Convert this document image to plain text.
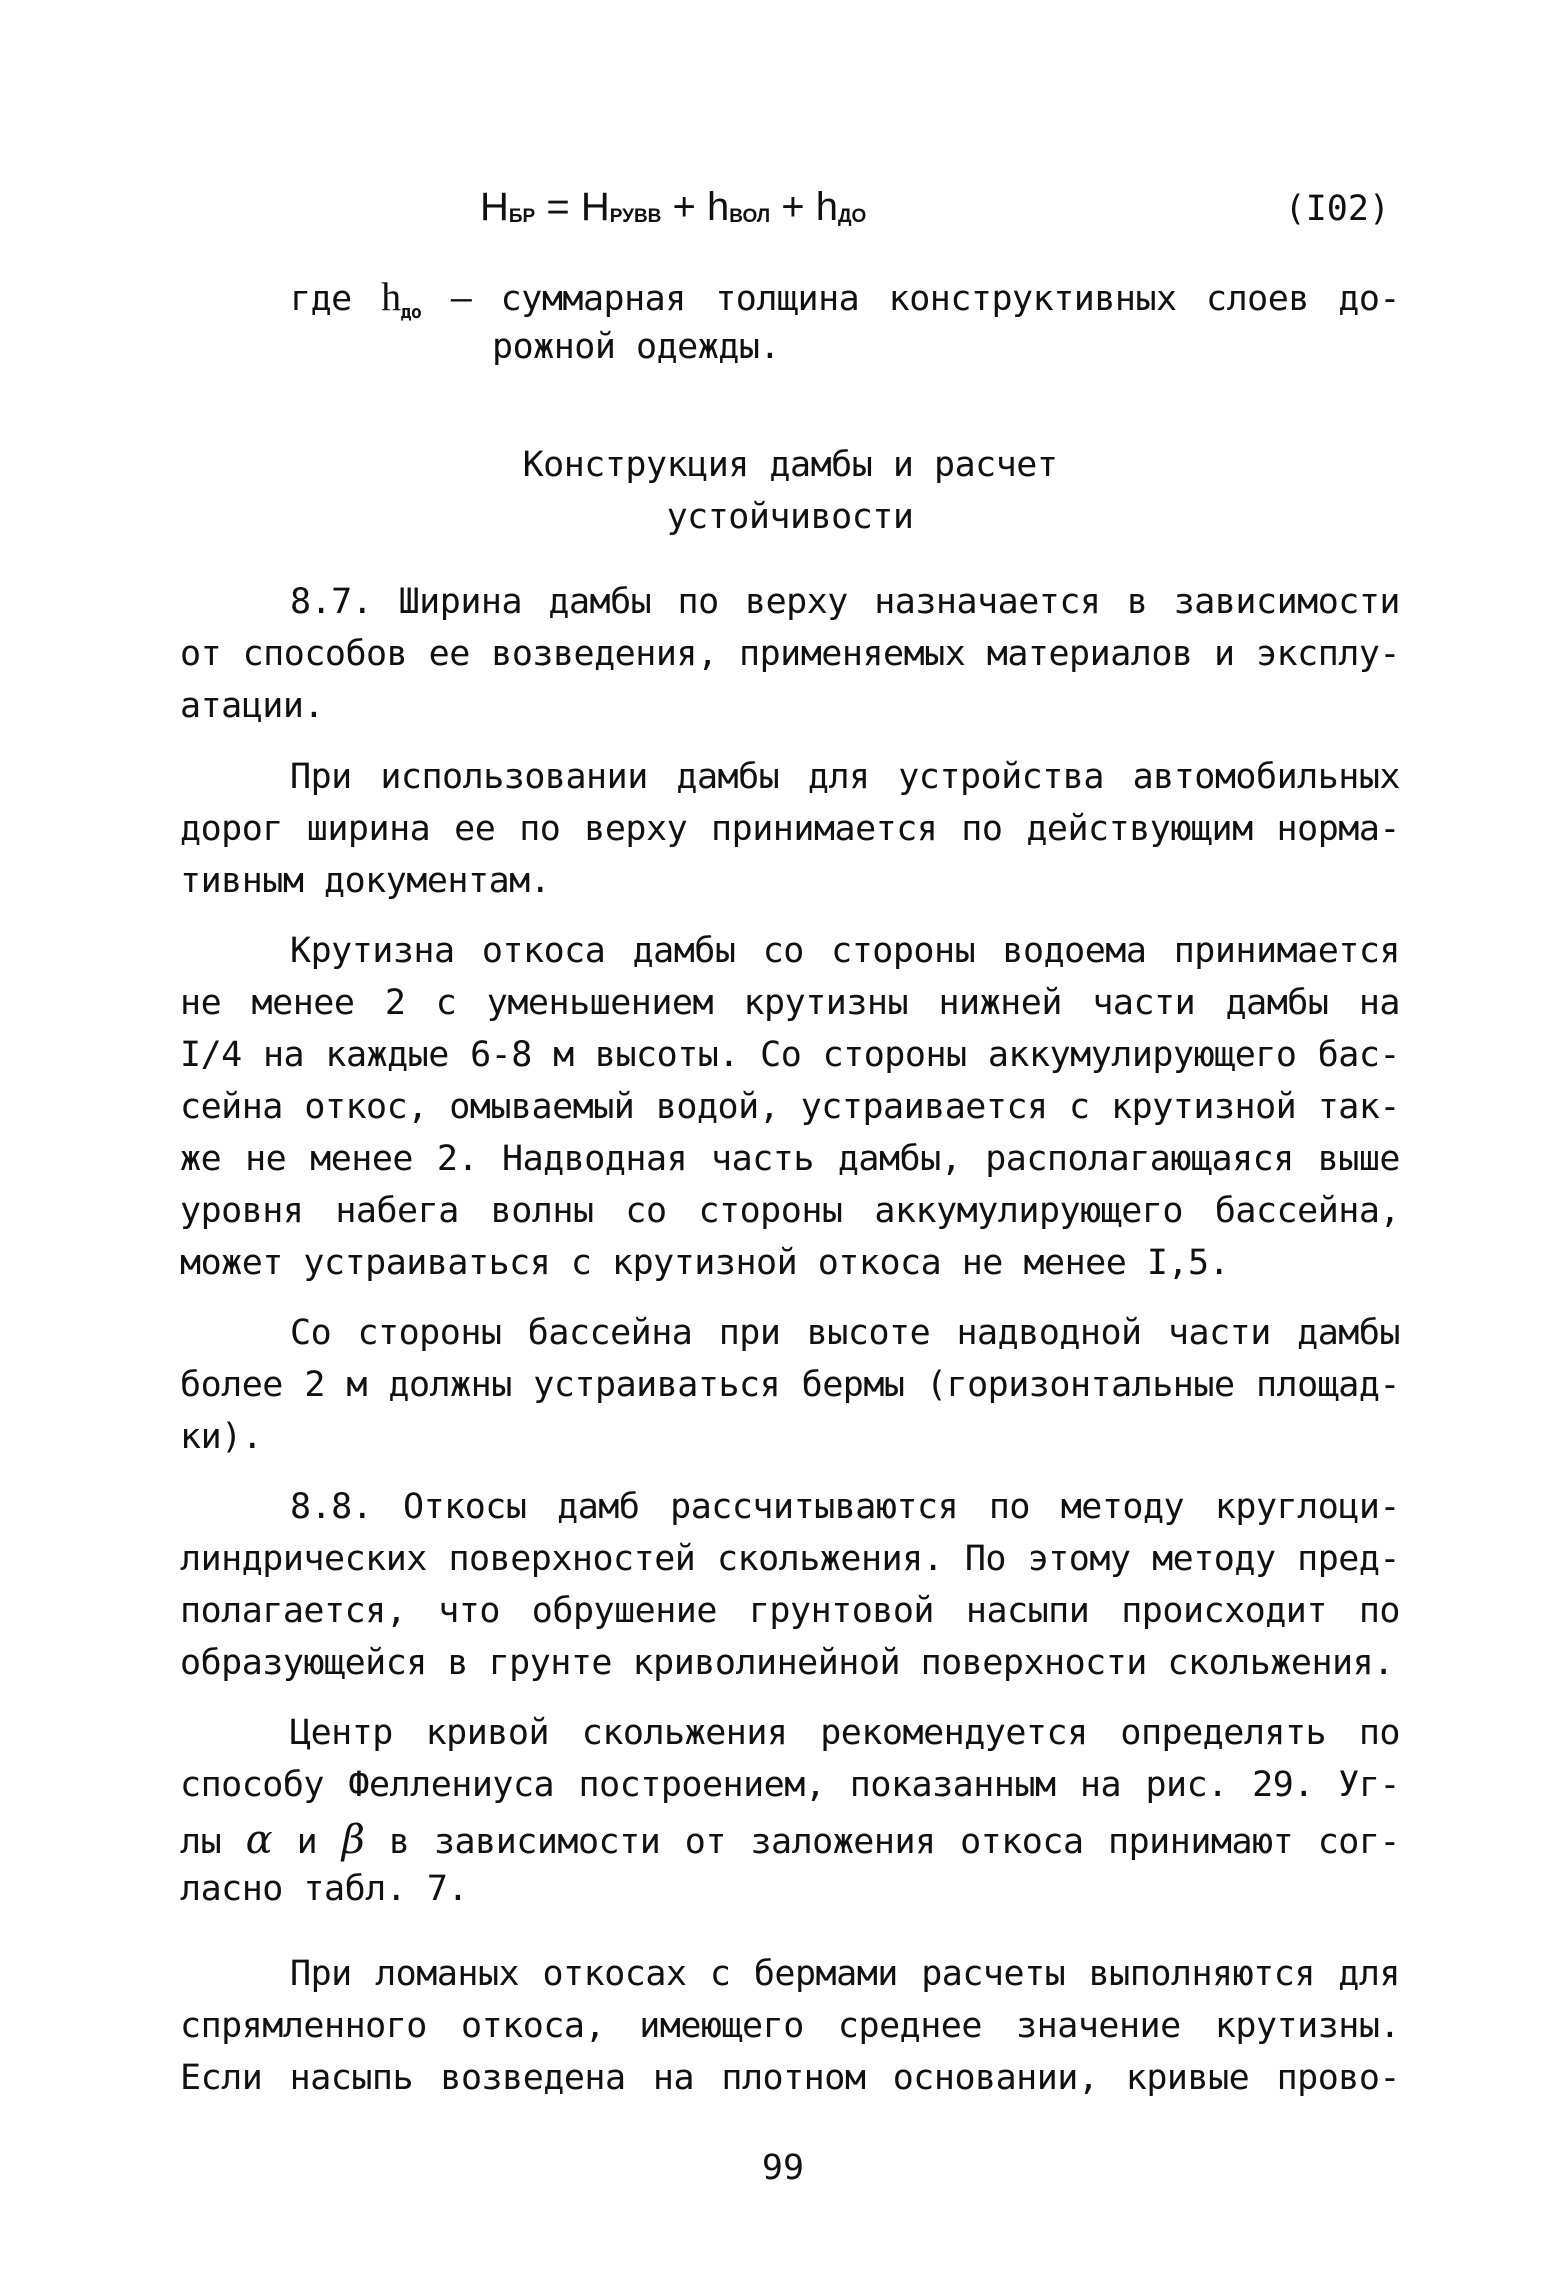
$H_{БР} = H_{РУВВ} + h_{ВОЛ} + h_{ДО}$	(I02)

где $h_{до}$ – суммарная толщина конструктивных слоев до-

рожной одежды.

Конструкция дамбы и расчет

устойчивости

8.7. Ширина дамбы по верху назначается в зависимости

от способов ее возведения, применяемых материалов и эксплу-

атации.

При использовании дамбы для устройства автомобильных

дорог ширина ее по верху принимается по действующим норма-

тивным документам.

Крутизна откоса дамбы со стороны водоема принимается

не менее 2 с уменьшением крутизны нижней части дамбы на

I/4 на каждые 6-8 м высоты. Со стороны аккумулирующего бас-

сейна откос, омываемый водой, устраивается с крутизной так-

же не менее 2. Надводная часть дамбы, располагающаяся выше

уровня набега волны со стороны аккумулирующего бассейна,

может устраиваться с крутизной откоса не менее I,5.

Со стороны бассейна при высоте надводной части дамбы

более 2 м должны устраиваться бермы (горизонтальные площад-

ки).

8.8. Откосы дамб рассчитываются по методу круглоци-

линдрических поверхностей скольжения. По этому методу пред-

полагается, что обрушение грунтовой насыпи происходит по

образующейся в грунте криволинейной поверхности скольжения.

Центр кривой скольжения рекомендуется определять по

способу Феллениуса построением, показанным на рис. 29. Уг-

лы α и β в зависимости от заложения откоса принимают сог-

ласно табл. 7.

При ломаных откосах с бермами расчеты выполняются для

спрямленного откоса, имеющего среднее значение крутизны.

Если насыпь возведена на плотном основании, кривые прово-

99
